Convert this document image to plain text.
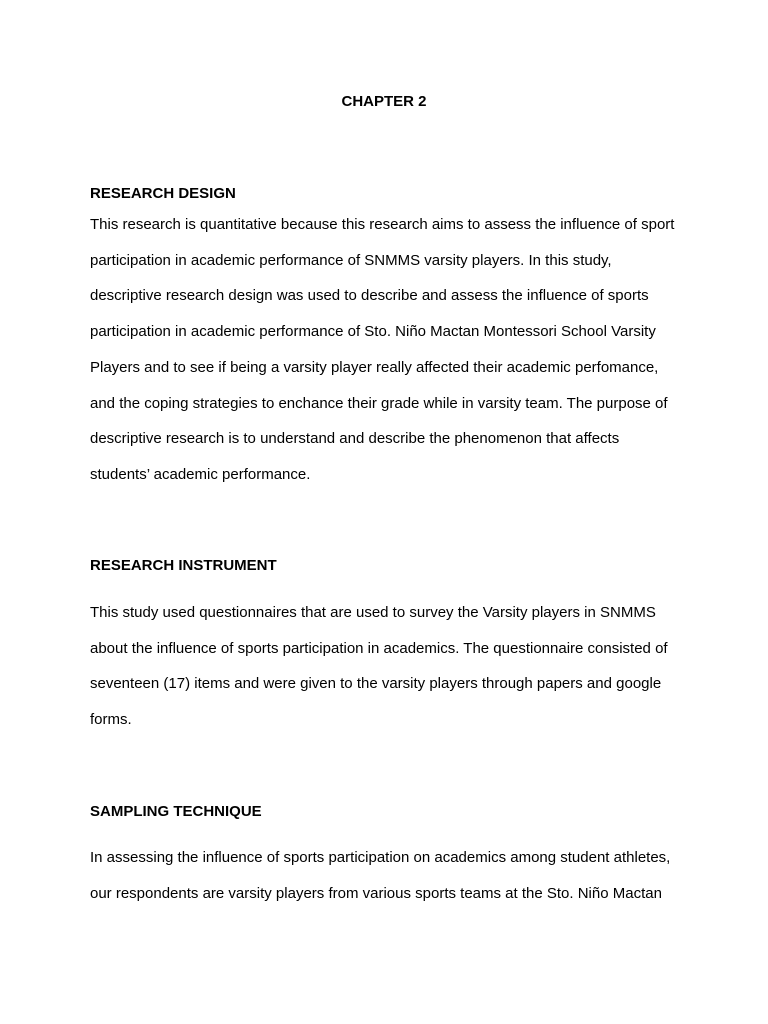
CHAPTER 2
RESEARCH DESIGN
This research is quantitative because this research aims to assess the influence of sport
participation in academic performance of SNMMS varsity players. In this study,
descriptive research design was used to describe and assess the influence of sports
participation in academic performance of Sto. Niño Mactan Montessori School Varsity
Players and to see if being a varsity player really affected their academic perfomance,
and the coping strategies to enchance their grade while in varsity team. The purpose of
descriptive research is to understand and describe the phenomenon that affects
students’ academic performance.
RESEARCH INSTRUMENT
This study used questionnaires that are used to survey the Varsity players in SNMMS
about the influence of sports participation in academics. The questionnaire consisted of
seventeen (17) items and were given to the varsity players through papers and google
forms.
SAMPLING TECHNIQUE
In assessing the influence of sports participation on academics among student athletes,
our respondents are varsity players from various sports teams at the Sto. Niño Mactan
